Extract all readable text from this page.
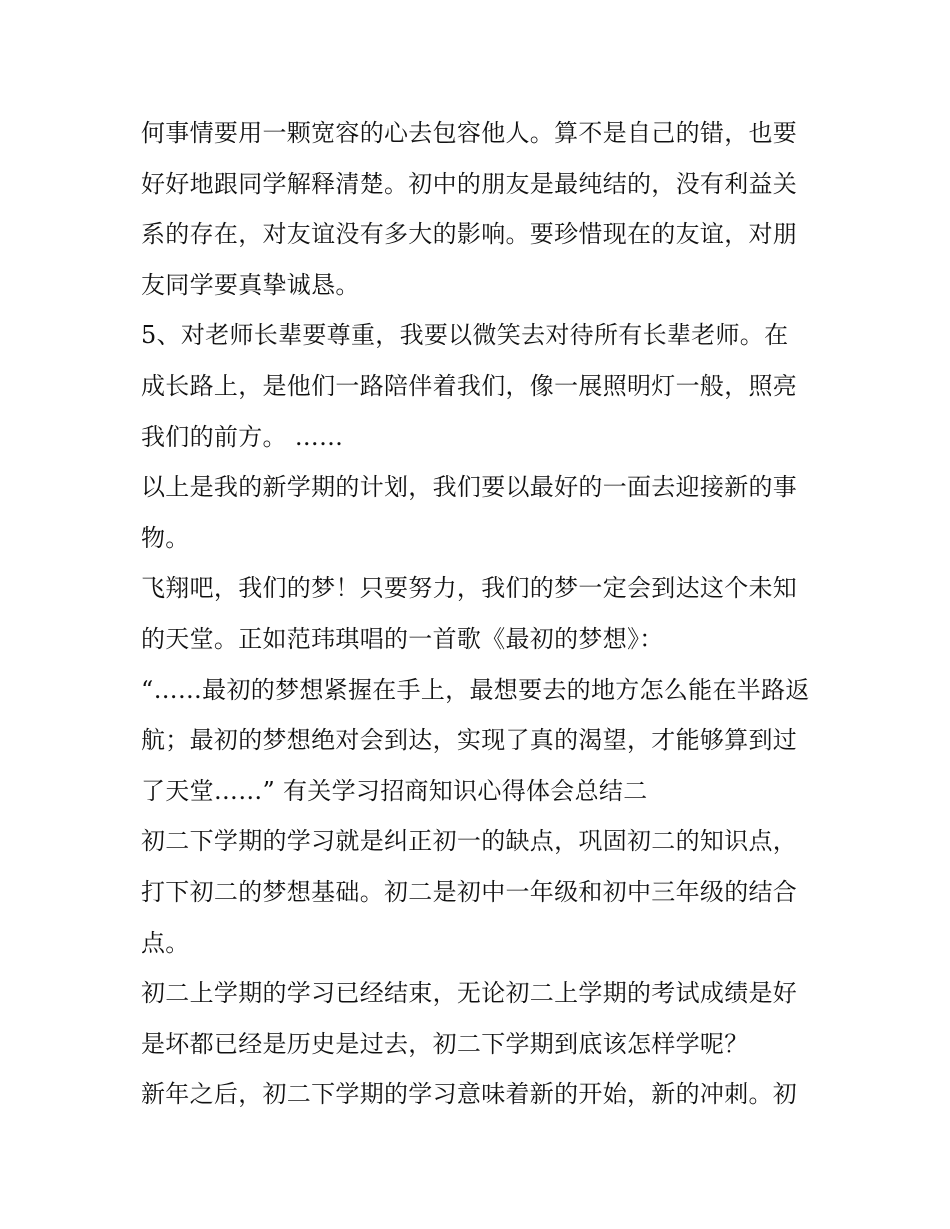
何事情要用一颗宽容的心去包容他人。算不是自己的错，也要
好好地跟同学解释清楚。初中的朋友是最纯结的，没有利益关
系的存在，对友谊没有多大的影响。要珍惜现在的友谊，对朋
友同学要真挚诚恳。
5、对老师长辈要尊重，我要以微笑去对待所有长辈老师。在
成长路上，是他们一路陪伴着我们，像一展照明灯一般，照亮
我们的前方。 ……
以上是我的新学期的计划，我们要以最好的一面去迎接新的事
物。
飞翔吧，我们的梦！只要努力，我们的梦一定会到达这个未知
的天堂。正如范玮琪唱的一首歌《最初的梦想》：
“……最初的梦想紧握在手上，最想要去的地方怎么能在半路返
航；最初的梦想绝对会到达，实现了真的渴望，才能够算到过
了天堂……” 有关学习招商知识心得体会总结二
初二下学期的学习就是纠正初一的缺点，巩固初二的知识点，
打下初二的梦想基础。初二是初中一年级和初中三年级的结合
点。
初二上学期的学习已经结束，无论初二上学期的考试成绩是好
是坏都已经是历史是过去，初二下学期到底该怎样学呢？
新年之后，初二下学期的学习意味着新的开始，新的冲刺。初
